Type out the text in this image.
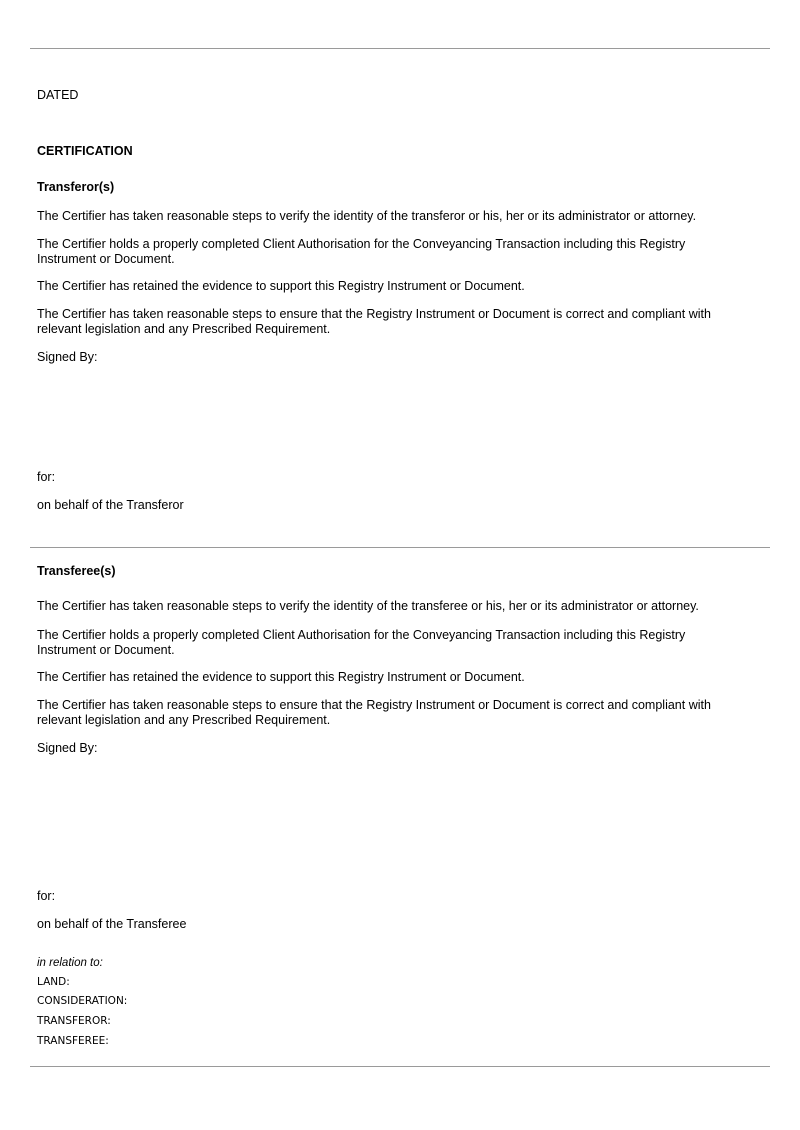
DATED
CERTIFICATION
Transferor(s)
The Certifier has taken reasonable steps to verify the identity of the transferor or his, her or its administrator or attorney.
The Certifier holds a properly completed Client Authorisation for the Conveyancing Transaction including this Registry Instrument or Document.
The Certifier has retained the evidence to support this Registry Instrument or Document.
The Certifier has taken reasonable steps to ensure that the Registry Instrument or Document is correct and compliant with relevant legislation and any Prescribed Requirement.
Signed By:
for:
on behalf of the Transferor
Transferee(s)
The Certifier has taken reasonable steps to verify the identity of the transferee or his, her or its administrator or attorney.
The Certifier holds a properly completed Client Authorisation for the Conveyancing Transaction including this Registry Instrument or Document.
The Certifier has retained the evidence to support this Registry Instrument or Document.
The Certifier has taken reasonable steps to ensure that the Registry Instrument or Document is correct and compliant with relevant legislation and any Prescribed Requirement.
Signed By:
for:
on behalf of the Transferee
in relation to:
LAND:
CONSIDERATION:
TRANSFEROR:
TRANSFEREE:
